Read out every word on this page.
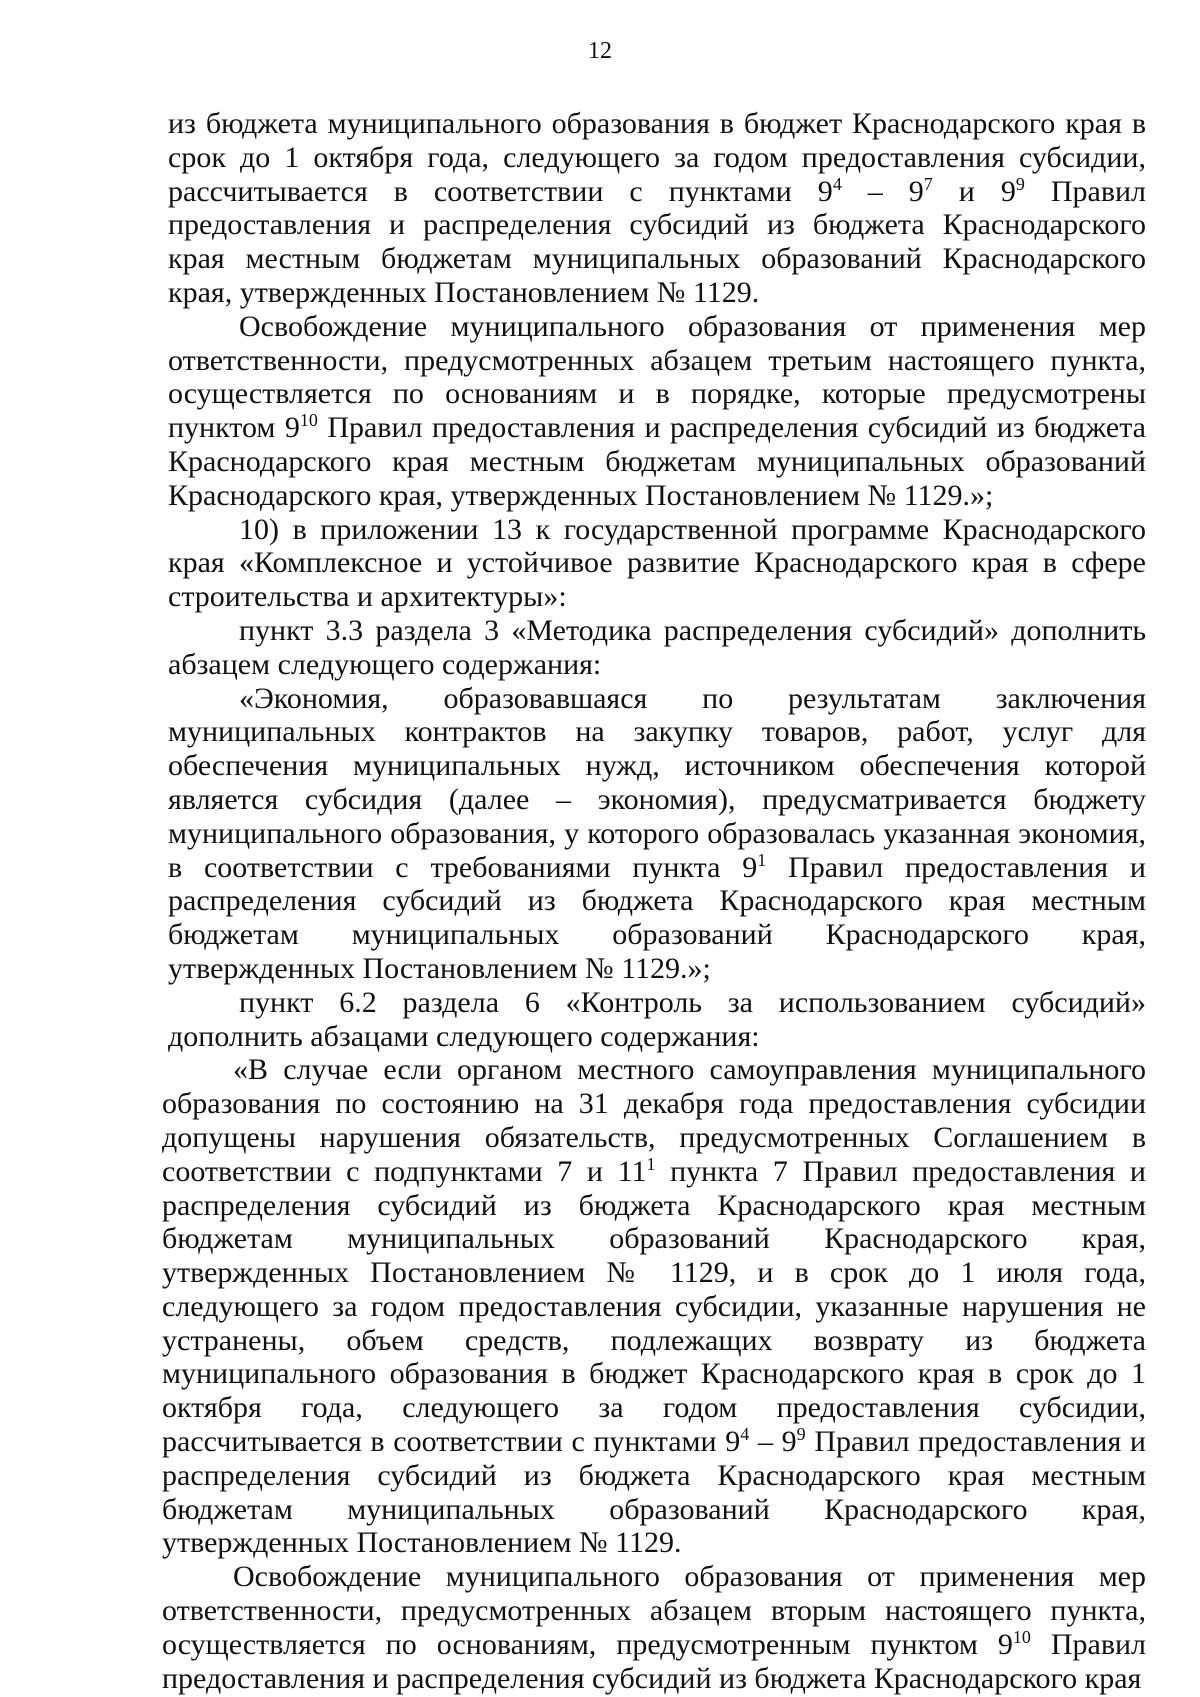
12

из бюджета муниципального образования в бюджет Краснодарского края в срок до 1 октября года, следующего за годом предоставления субсидии, рассчитывается в соответствии с пунктами $9^4 - 9^7$ и $9^9$ Правил предоставления и распределения субсидий из бюджета Краснодарского края местным бюджетам муниципальных образований Краснодарского края, утвержденных Постановлением № 1129.

Освобождение муниципального образования от применения мер ответственности, предусмотренных абзацем третьим настоящего пункта, осуществляется по основаниям и в порядке, которые предусмотрены пунктом $9^{10}$ Правил предоставления и распределения субсидий из бюджета Краснодарского края местным бюджетам муниципальных образований Краснодарского края, утвержденных Постановлением № 1129.»;

10) в приложении 13 к государственной программе Краснодарского края «Комплексное и устойчивое развитие Краснодарского края в сфере строительства и архитектуры»:

пункт 3.3 раздела 3 «Методика распределения субсидий» дополнить абзацем следующего содержания:

«Экономия, образовавшаяся по результатам заключения муниципальных контрактов на закупку товаров, работ, услуг для обеспечения муниципальных нужд, источником обеспечения которой является субсидия (далее – экономия), предусматривается бюджету муниципального образования, у которого образовалась указанная экономия, в соответствии с требованиями пункта $9^1$ Правил предоставления и распределения субсидий из бюджета Краснодарского края местным бюджетам муниципальных образований Краснодарского края, утвержденных Постановлением № 1129.»;

пункт 6.2 раздела 6 «Контроль за использованием субсидий» дополнить абзацами следующего содержания:

«В случае если органом местного самоуправления муниципального образования по состоянию на 31 декабря года предоставления субсидии допущены нарушения обязательств, предусмотренных Соглашением в соответствии с подпунктами 7 и $11^1$ пункта 7 Правил предоставления и распределения субсидий из бюджета Краснодарского края местным бюджетам муниципальных образований Краснодарского края, утвержденных Постановлением № 1129, и в срок до 1 июля года, следующего за годом предоставления субсидии, указанные нарушения не устранены, объем средств, подлежащих возврату из бюджета муниципального образования в бюджет Краснодарского края в срок до 1 октября года, следующего за годом предоставления субсидии, рассчитывается в соответствии с пунктами $9^4 - 9^9$ Правил предоставления и распределения субсидий из бюджета Краснодарского края местным бюджетам муниципальных образований Краснодарского края, утвержденных Постановлением № 1129.

Освобождение муниципального образования от применения мер ответственности, предусмотренных абзацем вторым настоящего пункта, осуществляется по основаниям, предусмотренным пунктом $9^{10}$ Правил предоставления и распределения субсидий из бюджета Краснодарского края
